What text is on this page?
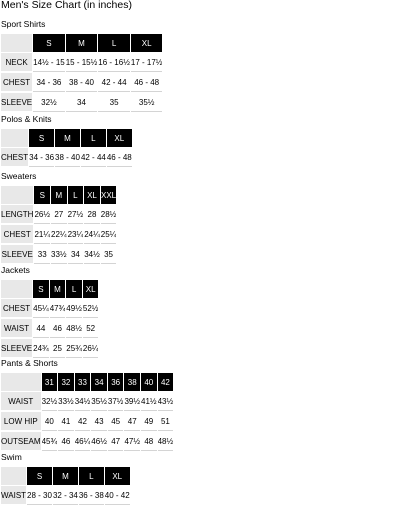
Men's Size Chart (in inches)
Sport Shirts
	S	M	L	XL
NECK	14½ - 15	15 - 15½	16 - 16½	17 - 17½
CHEST	34 - 36	38 - 40	42 - 44	46 - 48
SLEEVE	32½	34	35	35½
Polos & Knits
	S	M	L	XL
CHEST	34 - 36	38 - 40	42 - 44	46 - 48
Sweaters
	S	M	L	XL	XXL
LENGTH	26½	27	27½	28	28½
CHEST	21¼	22¼	23¼	24¼	25¼
SLEEVE	33	33½	34	34½	35
Jackets
	S	M	L	XL
CHEST	45¼	47¾	49½	52½
WAIST	44	46	48½	52
SLEEVE	24¾	25	25¾	26¼
Pants & Shorts
	31	32	33	34	36	38	40	42
WAIST	32½	33½	34½	35½	37½	39½	41½	43½
LOW HIP	40	41	42	43	45	47	49	51
OUTSEAM	45¾	46	46¼	46½	47	47½	48	48½
Swim
	S	M	L	XL
WAIST	28 - 30	32 - 34	36 - 38	40 - 42
